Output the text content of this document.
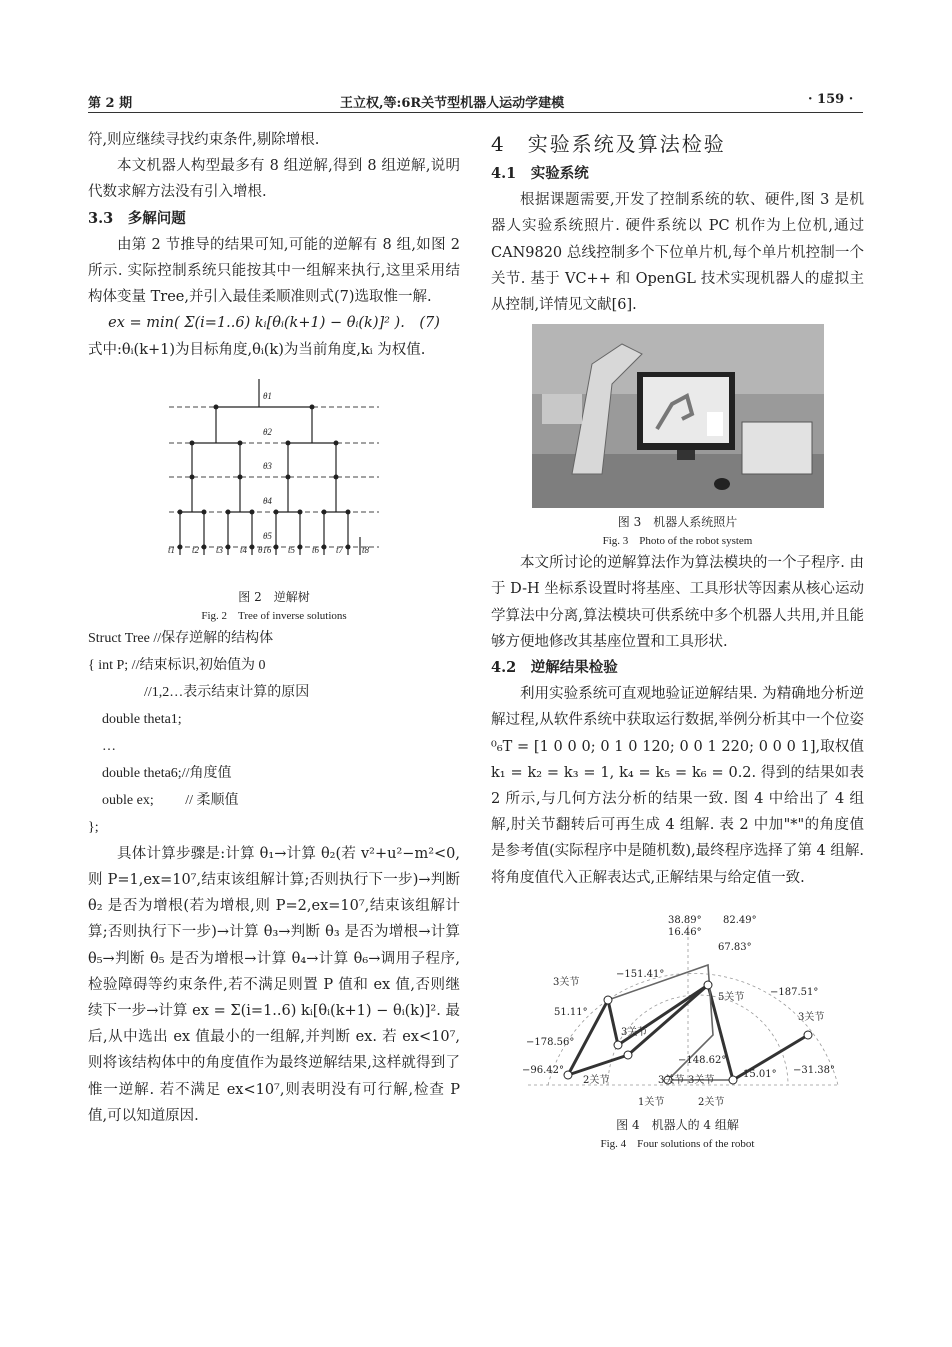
第 2 期	王立权,等:6R关节型机器人运动学建模	· 159 ·

符,则应继续寻找约束条件,剔除增根.

本文机器人构型最多有 8 组逆解,得到 8 组逆解,说明代数求解方法没有引入增根.

3.3　多解问题

由第 2 节推导的结果可知,可能的逆解有 8 组,如图 2 所示. 实际控制系统只能按其中一组解来执行,这里采用结构体变量 Tree,并引入最佳柔顺准则式(7)选取惟一解.

ex = min( Σ(i=1..6) kᵢ[θᵢ(k+1) − θᵢ(k)]² ).　(7)

式中:θᵢ(k+1)为目标角度,θᵢ(k)为当前角度,kᵢ 为权值.

θ1
θ2
θ3
θ4
θ5
t1 t2 t3 t4 θ16 t5 t6 t7 t8

图 2　逆解树

Fig. 2　Tree of inverse solutions

Struct Tree //保存逆解的结构体

{ int P; //结束标识,初始值为 0

　　　　//1,2…表示结束计算的原因

　double theta1;

　…

　double theta6;//角度值

　ouble ex;　　 // 柔顺值

};

具体计算步骤是:计算 θ₁→计算 θ₂(若 v²+u²−m²<0,则 P=1,ex=10⁷,结束该组解计算;否则执行下一步)→判断 θ₂ 是否为增根(若为增根,则 P=2,ex=10⁷,结束该组解计算;否则执行下一步)→计算 θ₃→判断 θ₃ 是否为增根→计算 θ₅→判断 θ₅ 是否为增根→计算 θ₄→计算 θ₆→调用子程序,检验障碍等约束条件,若不满足则置 P 值和 ex 值,否则继续下一步→计算 ex = Σ(i=1..6) kᵢ[θᵢ(k+1) − θᵢ(k)]². 最后,从中选出 ex 值最小的一组解,并判断 ex. 若 ex<10⁷,则将该结构体中的角度值作为最终逆解结果,这样就得到了惟一逆解. 若不满足 ex<10⁷,则表明没有可行解,检查 P 值,可以知道原因.

4　实验系统及算法检验

4.1　实验系统

根据课题需要,开发了控制系统的软、硬件,图 3 是机器人实验系统照片. 硬件系统以 PC 机作为上位机,通过 CAN9820 总线控制多个下位单片机,每个单片机控制一个关节. 基于 VC++ 和 OpenGL 技术实现机器人的虚拟主从控制,详情见文献[6].

图 3　机器人系统照片

Fig. 3　Photo of the robot system

本文所讨论的逆解算法作为算法模块的一个子程序. 由于 D-H 坐标系设置时将基座、工具形状等因素从核心运动学算法中分离,算法模块可供系统中多个机器人共用,并且能够方便地修改其基座位置和工具形状.

4.2　逆解结果检验

利用实验系统可直观地验证逆解结果. 为精确地分析逆解过程,从软件系统中获取运行数据,举例分析其中一个位姿⁰₆T = [1 0 0 0; 0 1 0 120; 0 0 1 220; 0 0 0 1],取权值 k₁ = k₂ = k₃ = 1, k₄ = k₅ = k₆ = 0.2. 得到的结果如表 2 所示,与几何方法分析的结果一致. 图 4 中给出了 4 组解,肘关节翻转后可再生成 4 组解. 表 2 中加"*"的角度值是参考值(实际程序中是随机数),最终程序选择了第 4 组解. 将角度值代入正解表达式,正解结果与给定值一致.

38.89° 82.49°
16.46°
67.83°
−151.41°
−187.51°
51.11°
−178.56°
−148.62°
−96.42°	15.01° −31.38°
3关节
5关节
3关节
3关节
3关节
2关节	3关节
1关节	2关节

图 4　机器人的 4 组解

Fig. 4　Four solutions of the robot
